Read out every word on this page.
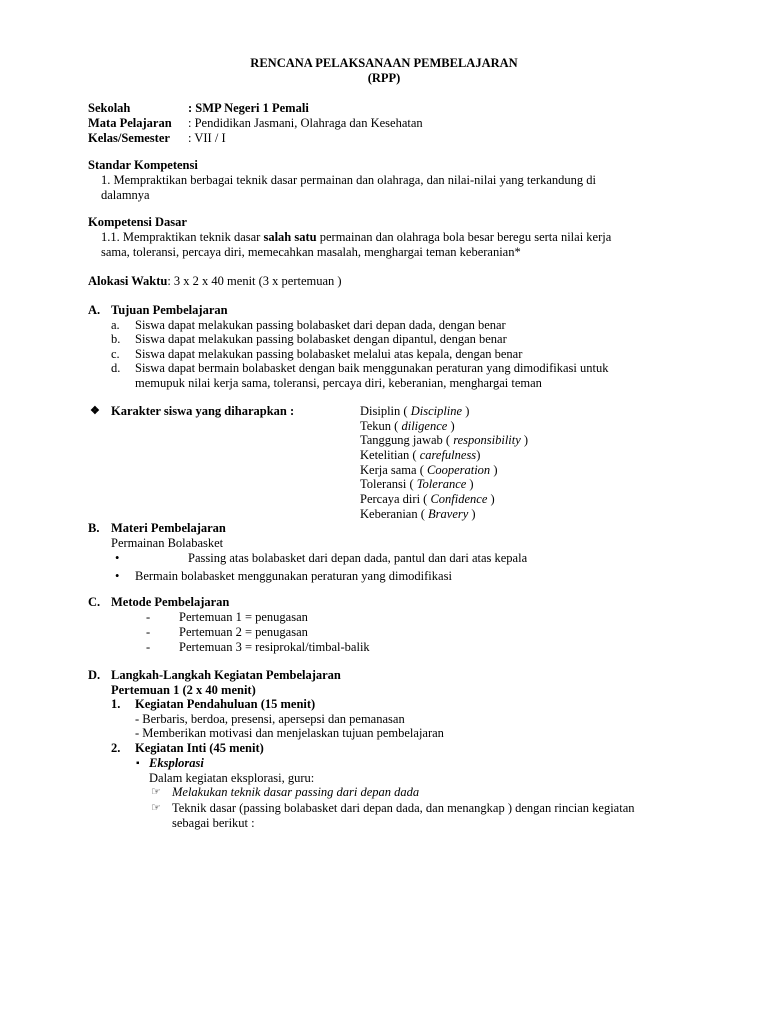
RENCANA PELAKSANAAN PEMBELAJARAN
(RPP)
Sekolah	: SMP Negeri 1 Pemali
Mata Pelajaran : Pendidikan Jasmani, Olahraga dan Kesehatan
Kelas/Semester : VII / I
Standar Kompetensi
1. Mempraktikan berbagai teknik dasar permainan dan olahraga, dan nilai-nilai yang terkandung di
dalamnya
Kompetensi Dasar
1.1. Mempraktikan teknik dasar salah satu permainan dan olahraga bola besar beregu serta nilai kerja
sama, toleransi, percaya diri, memecahkan masalah, menghargai teman keberanian*
Alokasi Waktu: 3 x 2 x 40 menit (3 x pertemuan )
A. Tujuan Pembelajaran
a. Siswa dapat melakukan passing bolabasket dari depan dada, dengan benar
b. Siswa dapat melakukan passing bolabasket dengan dipantul, dengan benar
c. Siswa dapat melakukan passing bolabasket melalui atas kepala, dengan benar
d. Siswa dapat bermain bolabasket dengan baik menggunakan peraturan yang dimodifikasi untuk
memupuk nilai kerja sama, toleransi, percaya diri, keberanian, menghargai teman
❖ Karakter siswa yang diharapkan :	Disiplin ( Discipline )
Tekun ( diligence )
Tanggung jawab ( responsibility )
Ketelitian ( carefulness)
Kerja sama ( Cooperation )
Toleransi ( Tolerance )
Percaya diri ( Confidence )
Keberanian ( Bravery )
B. Materi Pembelajaran
Permainan Bolabasket
•	Passing atas bolabasket dari depan dada, pantul dan dari atas kepala
• Bermain bolabasket menggunakan peraturan yang dimodifikasi
C. Metode Pembelajaran
- Pertemuan 1 = penugasan
- Pertemuan 2 = penugasan
- Pertemuan 3 = resiprokal/timbal-balik
D. Langkah-Langkah Kegiatan Pembelajaran
Pertemuan 1 (2 x 40 menit)
1. Kegiatan Pendahuluan (15 menit)
- Berbaris, berdoa, presensi, apersepsi dan pemanasan
- Memberikan motivasi dan menjelaskan tujuan pembelajaran
2. Kegiatan Inti (45 menit)
▪ Eksplorasi
Dalam kegiatan eksplorasi, guru:
☞ Melakukan teknik dasar passing dari depan dada
☞ Teknik dasar (passing bolabasket dari depan dada, dan menangkap ) dengan rincian kegiatan
sebagai berikut :
